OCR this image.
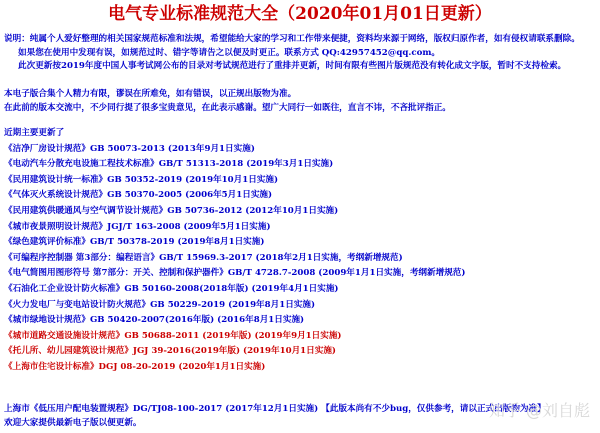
电气专业标准规范大全（2020年01月01日更新）
说明：纯属个人爱好整理的相关国家规范标准和法规，希望能给大家的学习和工作带来便捷，资料均来源于网络，版权归原作者，如有侵权请联系删除。
如果您在使用中发现有误，如规范过时、错字等请告之以便及时更正。联系方式 QQ:42957452@qq.com。
此次更新按2019年度中国人事考试网公布的目录对考试规范进行了重排并更新，时间有限有些图片版规范没有转化成文字版，暂时不支持检索。
本电子版合集个人精力有限，谬误在所难免，如有错误，以正规出版物为准。
在此前的版本交流中，不少同行提了很多宝贵意见，在此表示感谢。望广大同行一如既往，直言不讳，不吝批评指正。
近期主要更新了
《洁净厂房设计规范》GB 50073-2013 (2013年9月1日实施)
《电动汽车分散充电设施工程技术标准》GB/T 51313-2018 (2019年3月1日实施)
《民用建筑设计统一标准》GB 50352-2019 (2019年10月1日实施)
《气体灭火系统设计规范》GB 50370-2005 (2006年5月1日实施)
《民用建筑供暖通风与空气调节设计规范》GB 50736-2012 (2012年10月1日实施)
《城市夜景照明设计规范》JGJ/T 163-2008 (2009年5月1日实施)
《绿色建筑评价标准》GB/T 50378-2019 (2019年8月1日实施)
《可编程序控制器 第3部分：编程语言》GB/T 15969.3-2017 (2018年2月1日实施，考纲新增规范)
《电气简图用图形符号 第7部分：开关、控制和保护器件》GB/T 4728.7-2008 (2009年1月1日实施，考纲新增规范)
《石油化工企业设计防火标准》GB 50160-2008(2018年版) (2019年4月1日实施)
《火力发电厂与变电站设计防火规范》GB 50229-2019 (2019年8月1日实施)
《城市绿地设计规范》GB 50420-2007(2016年版) (2016年8月1日实施)
《城市道路交通设施设计规范》GB 50688-2011 (2019年版) (2019年9月1日实施)
《托儿所、幼儿园建筑设计规范》JGJ 39-2016(2019年版) (2019年10月1日实施)
《上海市住宅设计标准》DGJ 08-20-2019 (2020年1月1日实施)
上海市《低压用户配电装置规程》DG/TJ08-100-2017 (2017年12月1日实施) 【此版本尚有不少bug，仅供参考，请以正式出版物为准】
欢迎大家提供最新电子版以便更新。
知乎 @刘自彪
